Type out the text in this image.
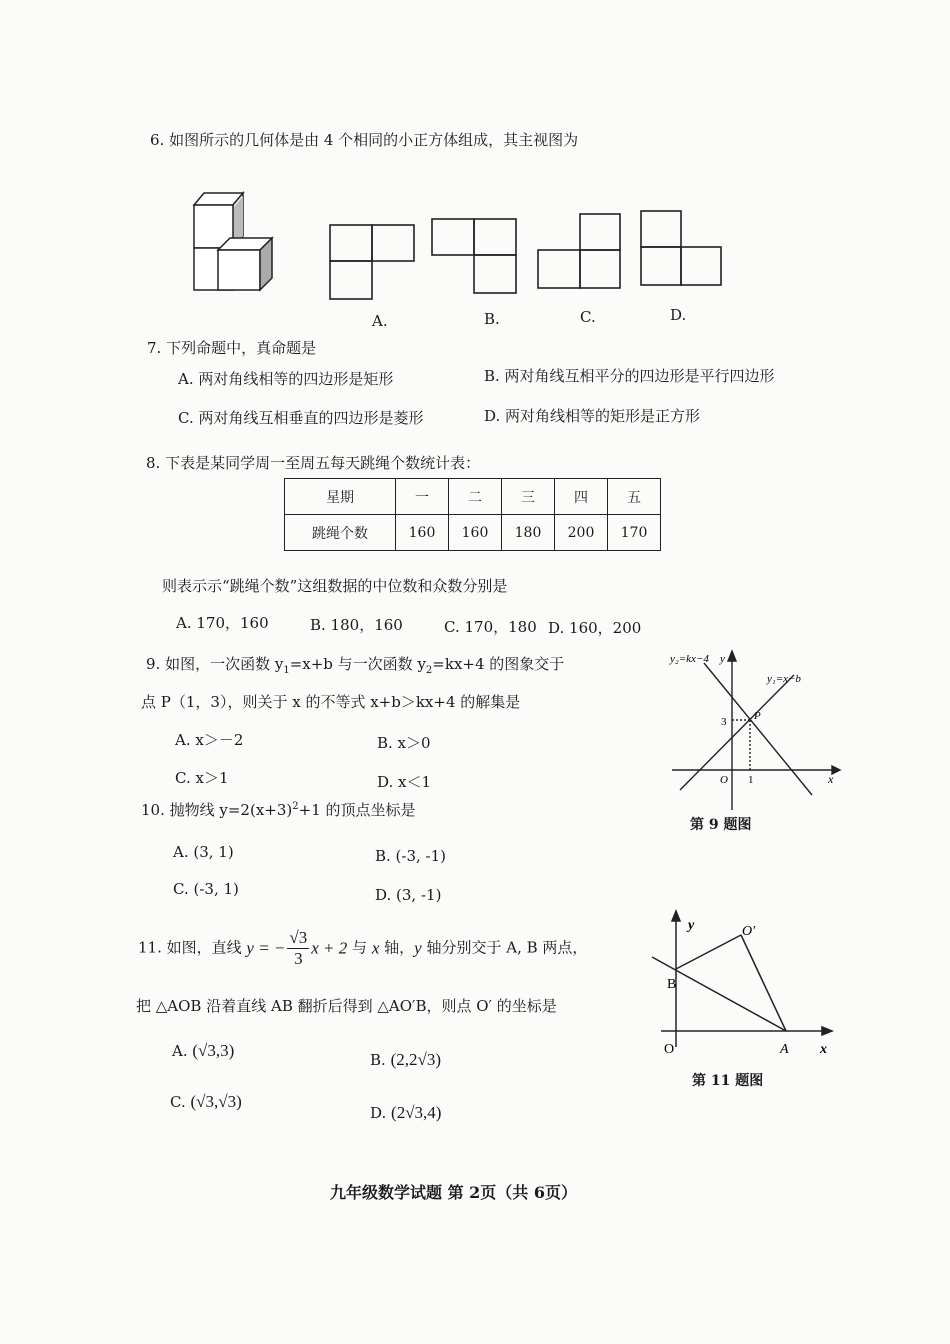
6. 如图所示的几何体是由 4 个相同的小正方体组成，其主视图为
A.	B.	C.	D.
7. 下列命题中，真命题是
A. 两对角线相等的四边形是矩形	B. 两对角线互相平分的四边形是平行四边形
C. 两对角线互相垂直的四边形是菱形	D. 两对角线相等的矩形是正方形
8. 下表是某同学周一至周五每天跳绳个数统计表：
星期	一	二	三	四	五
跳绳个数	160	160	180	200	170
则表示示“跳绳个数”这组数据的中位数和众数分别是
A. 170，160	B. 180，160	C. 170，180 D. 160，200
9. 如图，一次函数 $y_1=x+b$ 与一次函数 $y_2=kx+4$ 的图象交于
点 P（1，3），则关于 x 的不等式 x+b＞kx+4 的解集是
A. x＞－2	B. x＞0
C. x＞1	D. x＜1
y₂=kx−4 y
y₁=x−b
P
3
O 1	x
第 9 题图
10. 抛物线 $y=2(x+3)^2+1$ 的顶点坐标是
A. (3, 1)	B. (-3, -1)
C. (-3, 1)	D. (3, -1)
11. 如图，直线 y = − $\frac{√3}{3}$ x + 2 与 x 轴，y 轴分别交于 A, B 两点，
把 △AOB 沿着直线 AB 翻折后得到 △AO′B，则点 O′ 的坐标是
A. (√3,3)	B. (2,2√3)
C. (√3,√3)
D. (2√3,4)
y	O′
B
O	A x
第 11 题图
九年级数学试题 第 2页（共 6页）
